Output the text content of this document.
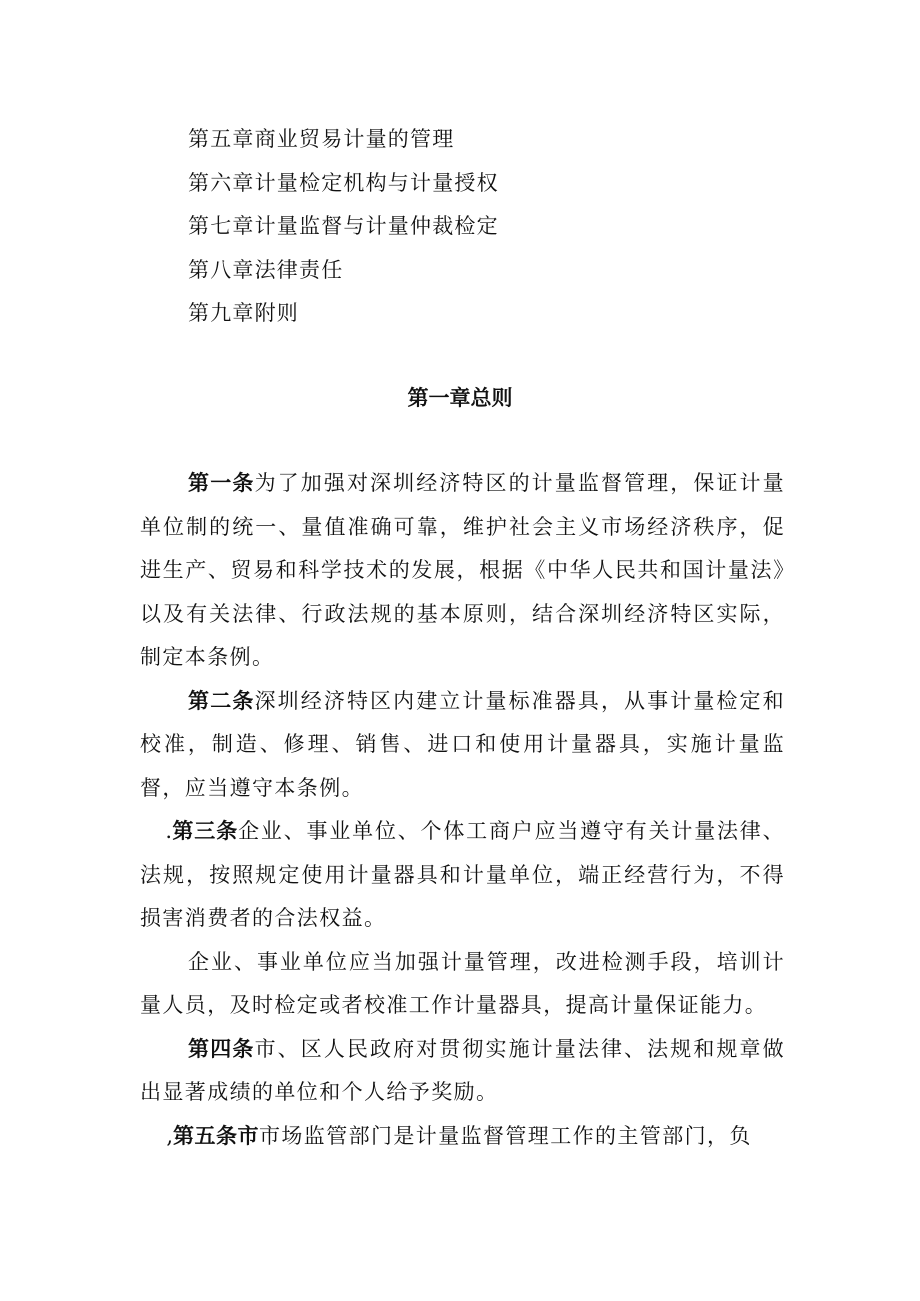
第五章商业贸易计量的管理
第六章计量检定机构与计量授权
第七章计量监督与计量仲裁检定
第八章法律责任
第九章附则
第一章总则

第一条为了加强对深圳经济特区的计量监督管理，保证计量单位制的统一、量值准确可靠，维护社会主义市场经济秩序，促进生产、贸易和科学技术的发展，根据《中华人民共和国计量法》以及有关法律、行政法规的基本原则，结合深圳经济特区实际，制定本条例。

第二条深圳经济特区内建立计量标准器具，从事计量检定和校准，制造、修理、销售、进口和使用计量器具，实施计量监督，应当遵守本条例。

.第三条企业、事业单位、个体工商户应当遵守有关计量法律、法规，按照规定使用计量器具和计量单位，端正经营行为，不得损害消费者的合法权益。

企业、事业单位应当加强计量管理，改进检测手段，培训计量人员，及时检定或者校准工作计量器具，提高计量保证能力。

第四条市、区人民政府对贯彻实施计量法律、法规和规章做出显著成绩的单位和个人给予奖励。

,第五条市市场监管部门是计量监督管理工作的主管部门，负
